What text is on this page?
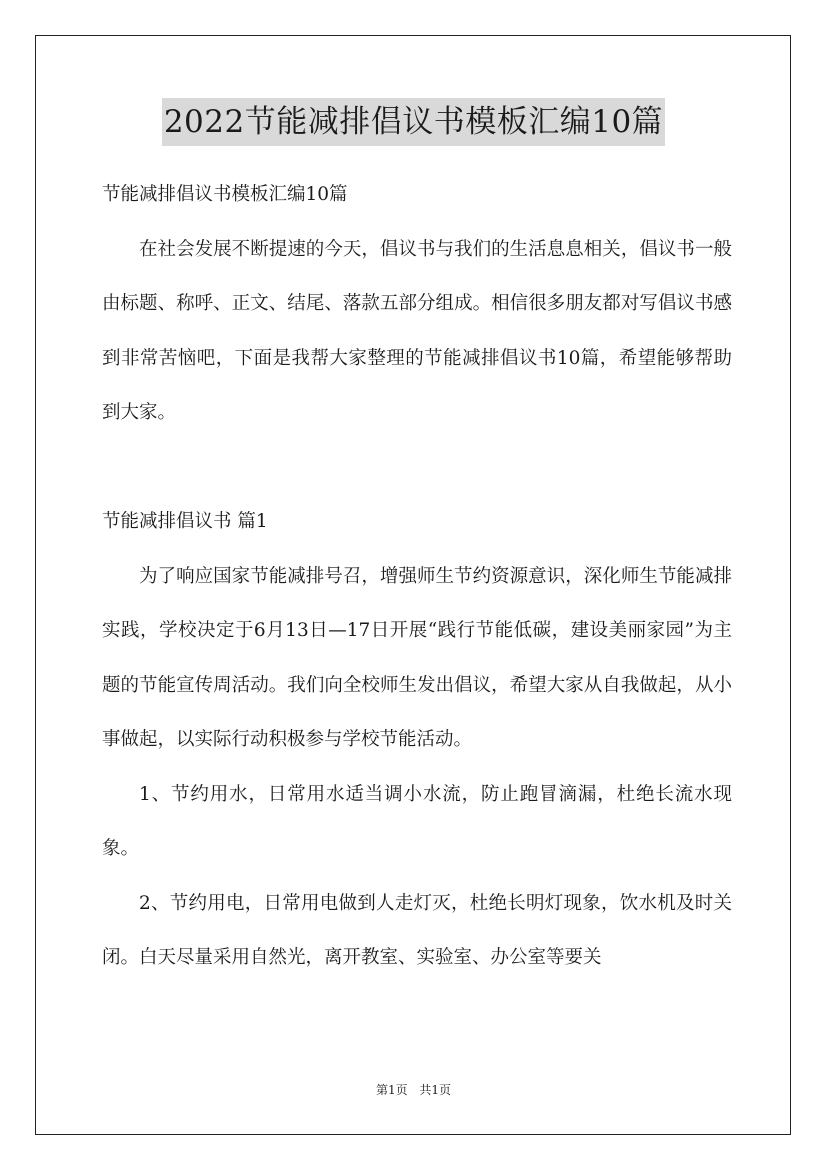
2022节能减排倡议书模板汇编10篇

节能减排倡议书模板汇编10篇

在社会发展不断提速的今天，倡议书与我们的生活息息相关，倡议书一般由标题、称呼、正文、结尾、落款五部分组成。相信很多朋友都对写倡议书感到非常苦恼吧，下面是我帮大家整理的节能减排倡议书10篇，希望能够帮助到大家。

节能减排倡议书 篇1

为了响应国家节能减排号召，增强师生节约资源意识，深化师生节能减排实践，学校决定于6月13日—17日开展“践行节能低碳，建设美丽家园”为主题的节能宣传周活动。我们向全校师生发出倡议，希望大家从自我做起，从小事做起，以实际行动积极参与学校节能活动。

1、节约用水，日常用水适当调小水流，防止跑冒滴漏，杜绝长流水现象。

2、节约用电，日常用电做到人走灯灭，杜绝长明灯现象，饮水机及时关闭。白天尽量采用自然光，离开教室、实验室、办公室等要关

第1页 共1页
